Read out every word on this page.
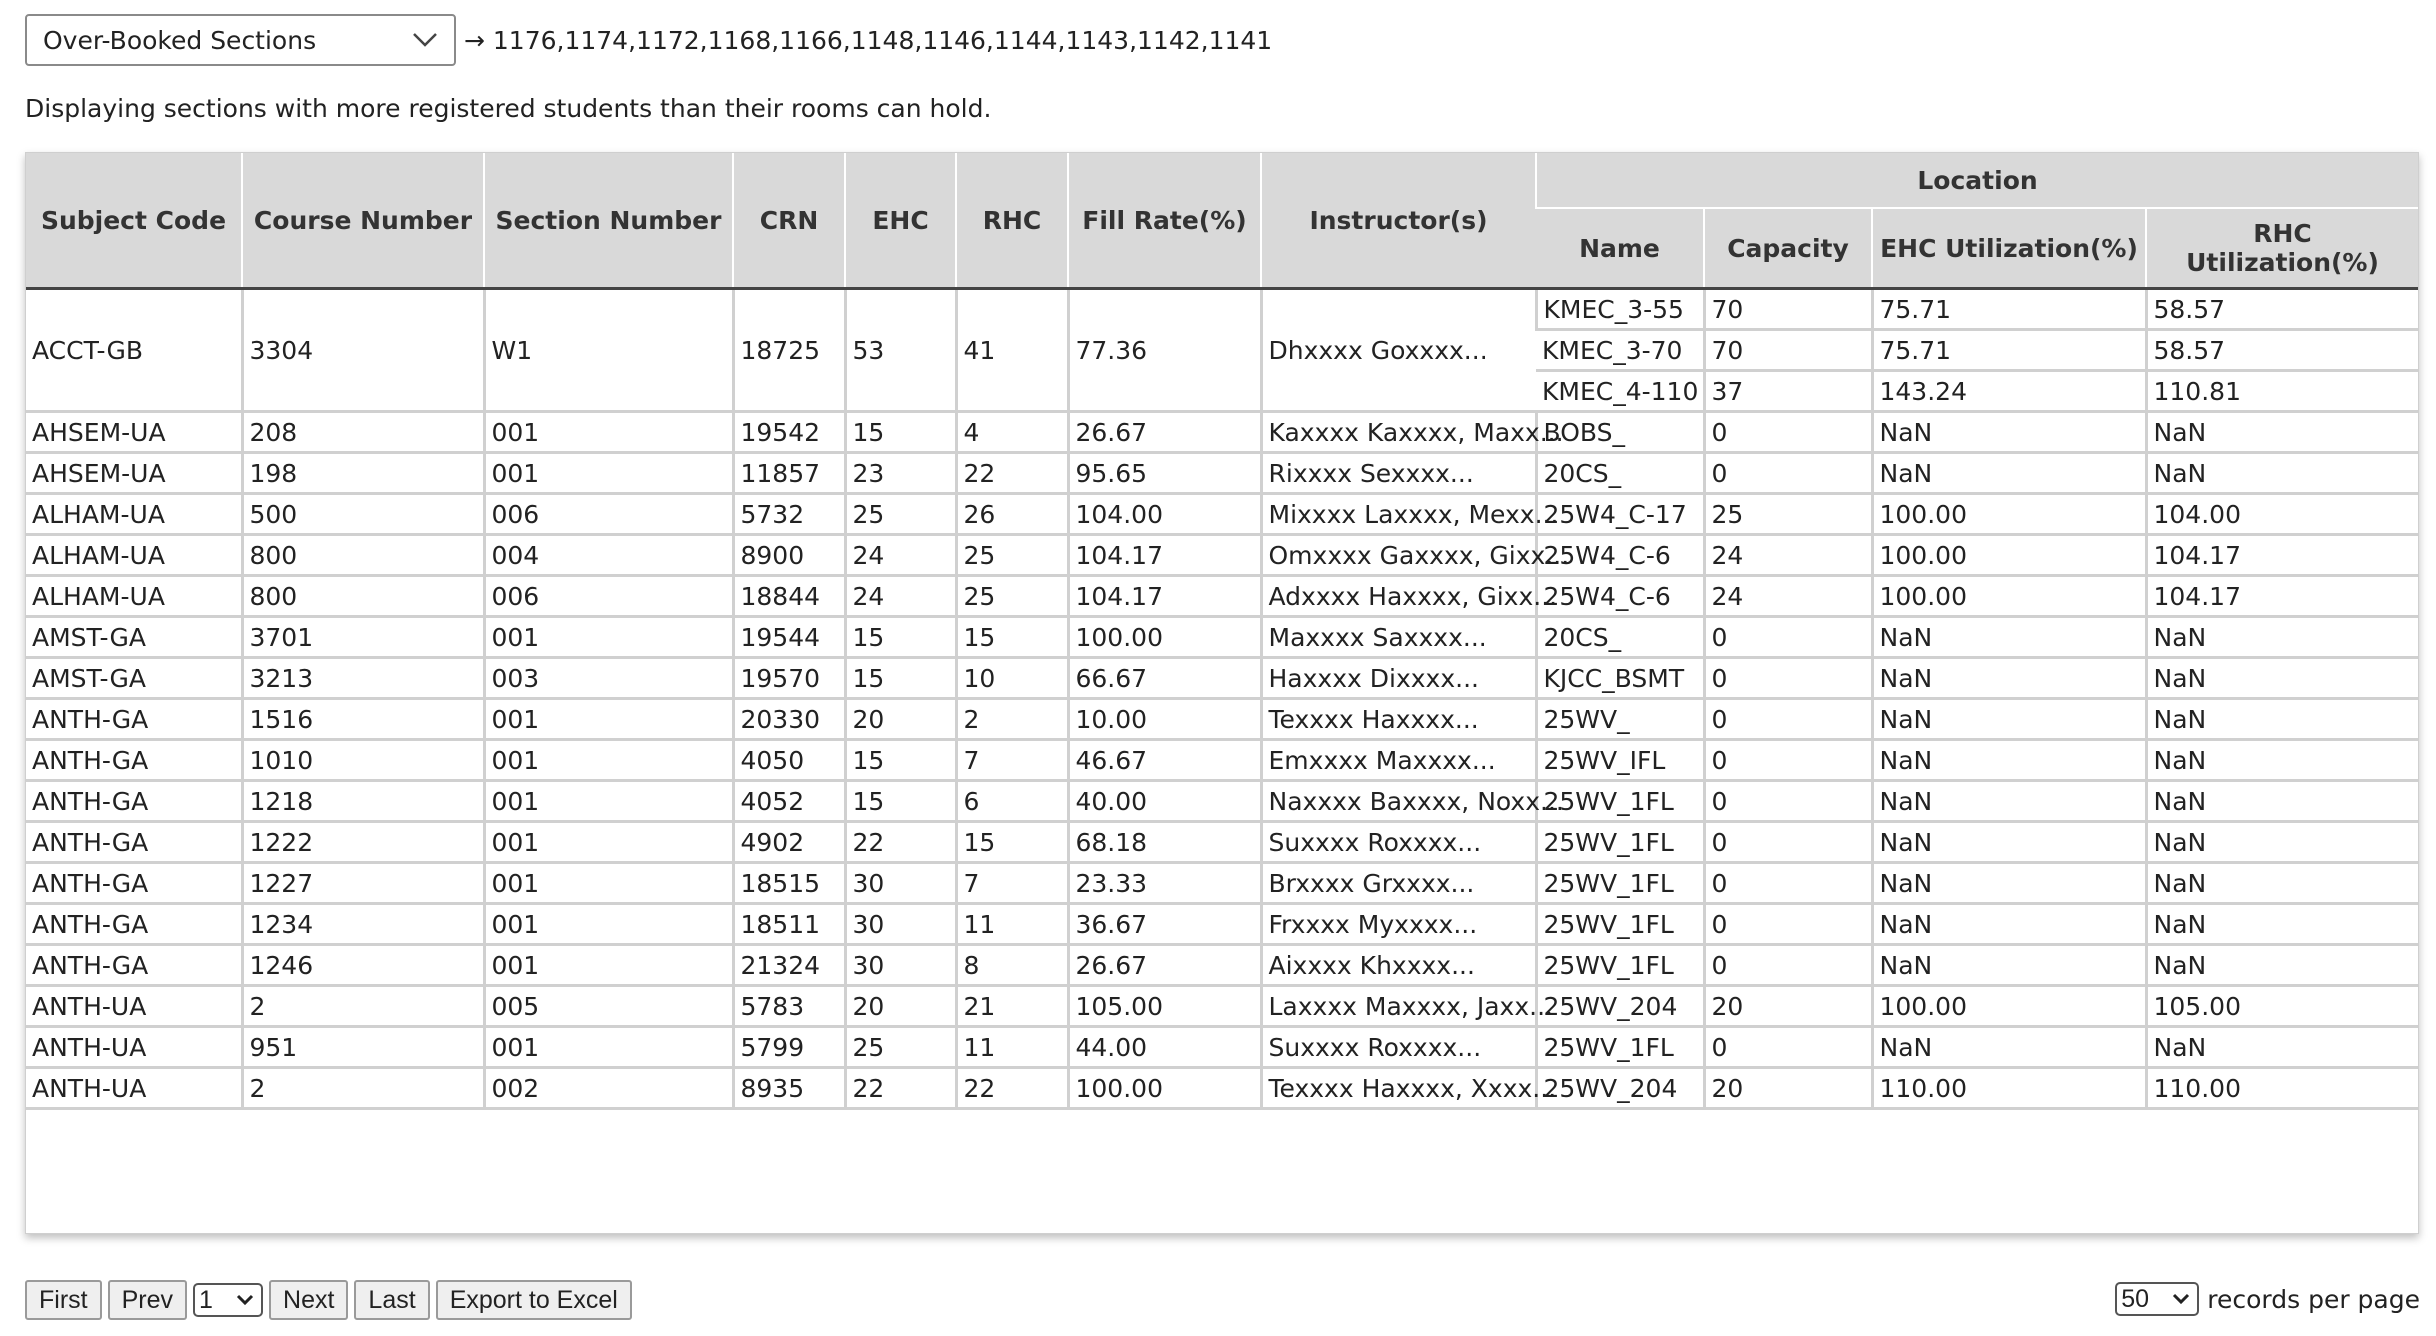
Over-Booked Sections	→ 1176,1174,1172,1168,1166,1148,1146,1144,1143,1142,1141
Displaying sections with more registered students than their rooms can hold.
Subject Code	Course Number	Section Number	CRN	EHC	RHC	Fill Rate(%)	Instructor(s)	Location			
								Name	Capacity	EHC Utilization(%)	RHC Utilization(%)
ACCT-GB	3304	W1	18725	53	41	77.36	Dhxxxx Goxxxx...	KMEC_3-55	70	75.71	58.57
								KMEC_3-70	70	75.71	58.57
								KMEC_4-110	37	143.24	110.81
AHSEM-UA	208	001	19542	15	4	26.67	Kaxxxx Kaxxxx, Maxx...	BOBS_	0	NaN	NaN
AHSEM-UA	198	001	11857	23	22	95.65	Rixxxx Sexxxx...	20CS_	0	NaN	NaN
ALHAM-UA	500	006	5732	25	26	104.00	Mixxxx Laxxxx, Mexx...	25W4_C-17	25	100.00	104.00
ALHAM-UA	800	004	8900	24	25	104.17	Omxxxx Gaxxxx, Gixx...	25W4_C-6	24	100.00	104.17
ALHAM-UA	800	006	18844	24	25	104.17	Adxxxx Haxxxx, Gixx...	25W4_C-6	24	100.00	104.17
AMST-GA	3701	001	19544	15	15	100.00	Maxxxx Saxxxx...	20CS_	0	NaN	NaN
AMST-GA	3213	003	19570	15	10	66.67	Haxxxx Dixxxx...	KJCC_BSMT	0	NaN	NaN
ANTH-GA	1516	001	20330	20	2	10.00	Texxxx Haxxxx...	25WV_	0	NaN	NaN
ANTH-GA	1010	001	4050	15	7	46.67	Emxxxx Maxxxx...	25WV_IFL	0	NaN	NaN
ANTH-GA	1218	001	4052	15	6	40.00	Naxxxx Baxxxx, Noxx...	25WV_1FL	0	NaN	NaN
ANTH-GA	1222	001	4902	22	15	68.18	Suxxxx Roxxxx...	25WV_1FL	0	NaN	NaN
ANTH-GA	1227	001	18515	30	7	23.33	Brxxxx Grxxxx...	25WV_1FL	0	NaN	NaN
ANTH-GA	1234	001	18511	30	11	36.67	Frxxxx Myxxxx...	25WV_1FL	0	NaN	NaN
ANTH-GA	1246	001	21324	30	8	26.67	Aixxxx Khxxxx...	25WV_1FL	0	NaN	NaN
ANTH-UA	2	005	5783	20	21	105.00	Laxxxx Maxxxx, Jaxx...	25WV_204	20	100.00	105.00
ANTH-UA	951	001	5799	25	11	44.00	Suxxxx Roxxxx...	25WV_1FL	0	NaN	NaN
ANTH-UA	2	002	8935	22	22	100.00	Texxxx Haxxxx, Xxxx...	25WV_204	20	110.00	110.00
First	Prev	1	Next	Last	Export to Excel	50 records per page
